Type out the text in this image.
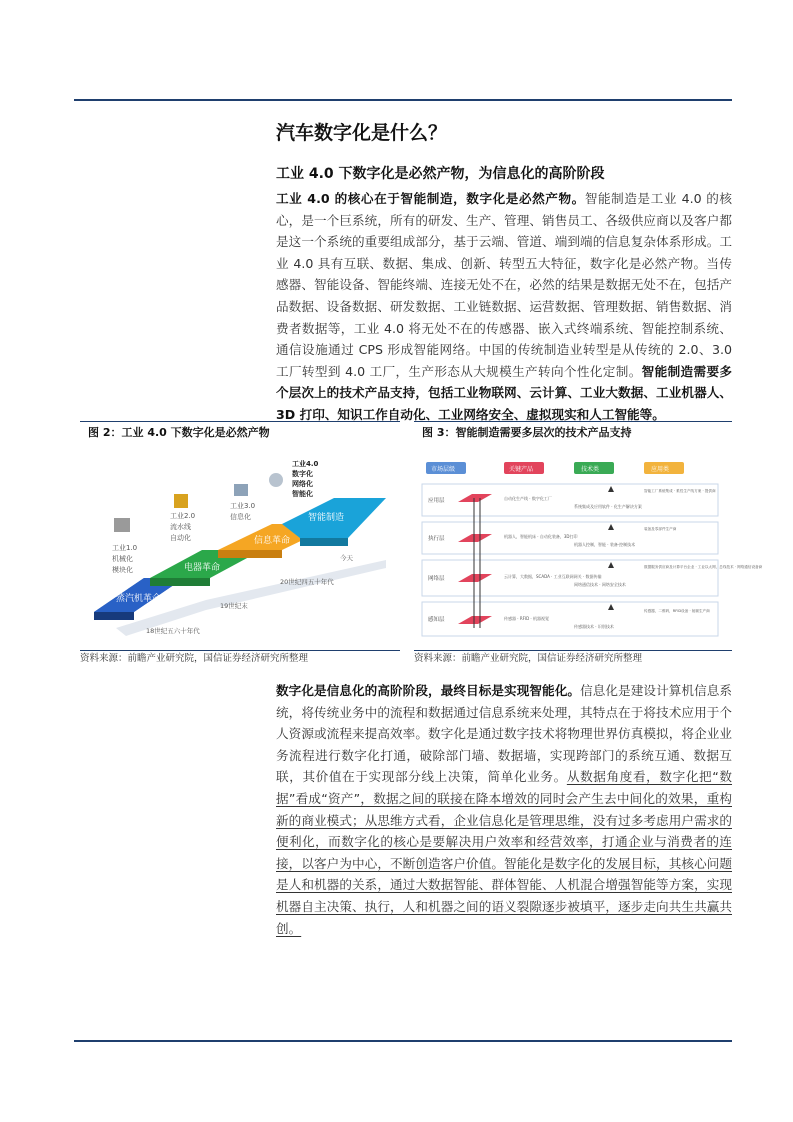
汽车数字化是什么？
工业 4.0 下数字化是必然产物，为信息化的高阶阶段

工业 4.0 的核心在于智能制造，数字化是必然产物。智能制造是工业 4.0 的核心，是一个巨系统，所有的研发、生产、管理、销售员工、各级供应商以及客户都是这一个系统的重要组成部分，基于云端、管道、端到端的信息复杂体系形成。工业 4.0 具有互联、数据、集成、创新、转型五大特征，数字化是必然产物。当传感器、智能设备、智能终端、连接无处不在，必然的结果是数据无处不在，包括产品数据、设备数据、研发数据、工业链数据、运营数据、管理数据、销售数据、消费者数据等，工业 4.0 将无处不在的传感器、嵌入式终端系统、智能控制系统、通信设施通过 CPS 形成智能网络。中国的传统制造业转型是从传统的 2.0、3.0 工厂转型到 4.0 工厂，生产形态从大规模生产转向个性化定制。智能制造需要多个层次上的技术产品支持，包括工业物联网、云计算、工业大数据、工业机器人、3D 打印、知识工作自动化、工业网络安全、虚拟现实和人工智能等。

图 2：工业 4.0 下数字化是必然产物
蒸汽机革命
电器革命
信息革命
智能制造
18世纪五六十年代
19世纪末
20世纪四五十年代
今天
工业1.0
机械化
模块化
工业2.0
流水线
自动化
工业3.0
信息化
工业4.0
数字化
网络化
智能化
资料来源：前瞻产业研究院，国信证券经济研究所整理
图 3：智能制造需要多层次的技术产品支持
市场层级	关键产品	技术类	应用类
应用层
执行层
网络层
感知层
自动化生产线 · 数字化工厂
机器人，智能机床 · 自动化装备，3D打印
云计算，大数据，SCADA · 工业互联网网关 · 数据传输
传感器 · RFID · 机器视觉
系统集成及应用软件 · 化生产解决方案
机器人控制，智能 · 装备·控制技术
网络通信技术 · 网络安全技术
传感器技术 · 识别技术
智能工厂系统集成 · 柔性生产线方案 · 提供商
装备及零部件生产商
数据服务供应商及计算平台企业 · 工业以太网，总线技术 · 网络通信设备商
传感器，二维码，RFID设备 · 射频生产商
资料来源：前瞻产业研究院，国信证券经济研究所整理

数字化是信息化的高阶阶段，最终目标是实现智能化。信息化是建设计算机信息系统，将传统业务中的流程和数据通过信息系统来处理，其特点在于将技术应用于个人资源或流程来提高效率。数字化是通过数字技术将物理世界仿真模拟，将企业业务流程进行数字化打通，破除部门墙、数据墙，实现跨部门的系统互通、数据互联，其价值在于实现部分线上决策，简单化业务。从数据角度看，数字化把“数据”看成“资产”，数据之间的联接在降本增效的同时会产生去中间化的效果，重构新的商业模式；从思维方式看，企业信息化是管理思维，没有过多考虑用户需求的便利化，而数字化的核心是要解决用户效率和经营效率，打通企业与消费者的连接，以客户为中心，不断创造客户价值。智能化是数字化的发展目标，其核心问题是人和机器的关系，通过大数据智能、群体智能、人机混合增强智能等方案，实现机器自主决策、执行，人和机器之间的语义裂隙逐步被填平，逐步走向共生共赢共创。
